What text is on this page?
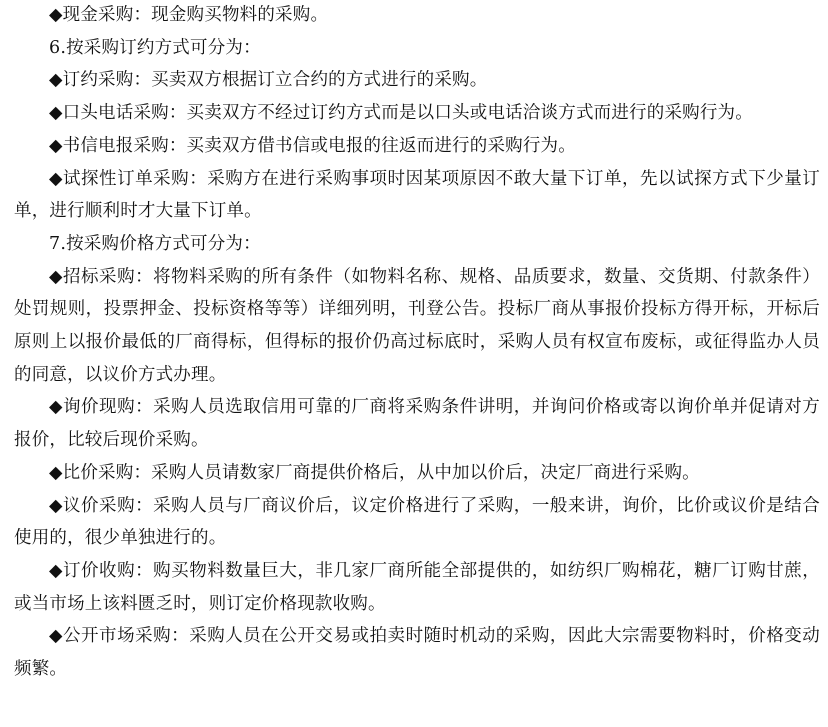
◆现金采购：现金购买物料的采购。

6.按采购订约方式可分为：

◆订约采购：买卖双方根据订立合约的方式进行的采购。

◆口头电话采购：买卖双方不经过订约方式而是以口头或电话洽谈方式而进行的采购行为。

◆书信电报采购：买卖双方借书信或电报的往返而进行的采购行为。

◆试探性订单采购：采购方在进行采购事项时因某项原因不敢大量下订单，先以试探方式下少量订单，进行顺利时才大量下订单。

7.按采购价格方式可分为：

◆招标采购：将物料采购的所有条件（如物料名称、规格、品质要求，数量、交货期、付款条件）处罚规则，投票押金、投标资格等等）详细列明，刊登公告。投标厂商从事报价投标方得开标，开标后原则上以报价最低的厂商得标，但得标的报价仍高过标底时，采购人员有权宣布废标，或征得监办人员的同意，以议价方式办理。

◆询价现购：采购人员选取信用可靠的厂商将采购条件讲明，并询问价格或寄以询价单并促请对方报价，比较后现价采购。

◆比价采购：采购人员请数家厂商提供价格后，从中加以价后，决定厂商进行采购。

◆议价采购：采购人员与厂商议价后，议定价格进行了采购，一般来讲，询价，比价或议价是结合使用的，很少单独进行的。

◆订价收购：购买物料数量巨大，非几家厂商所能全部提供的，如纺织厂购棉花，糖厂订购甘蔗，或当市场上该料匮乏时，则订定价格现款收购。

◆公开市场采购：采购人员在公开交易或拍卖时随时机动的采购，因此大宗需要物料时，价格变动频繁。
